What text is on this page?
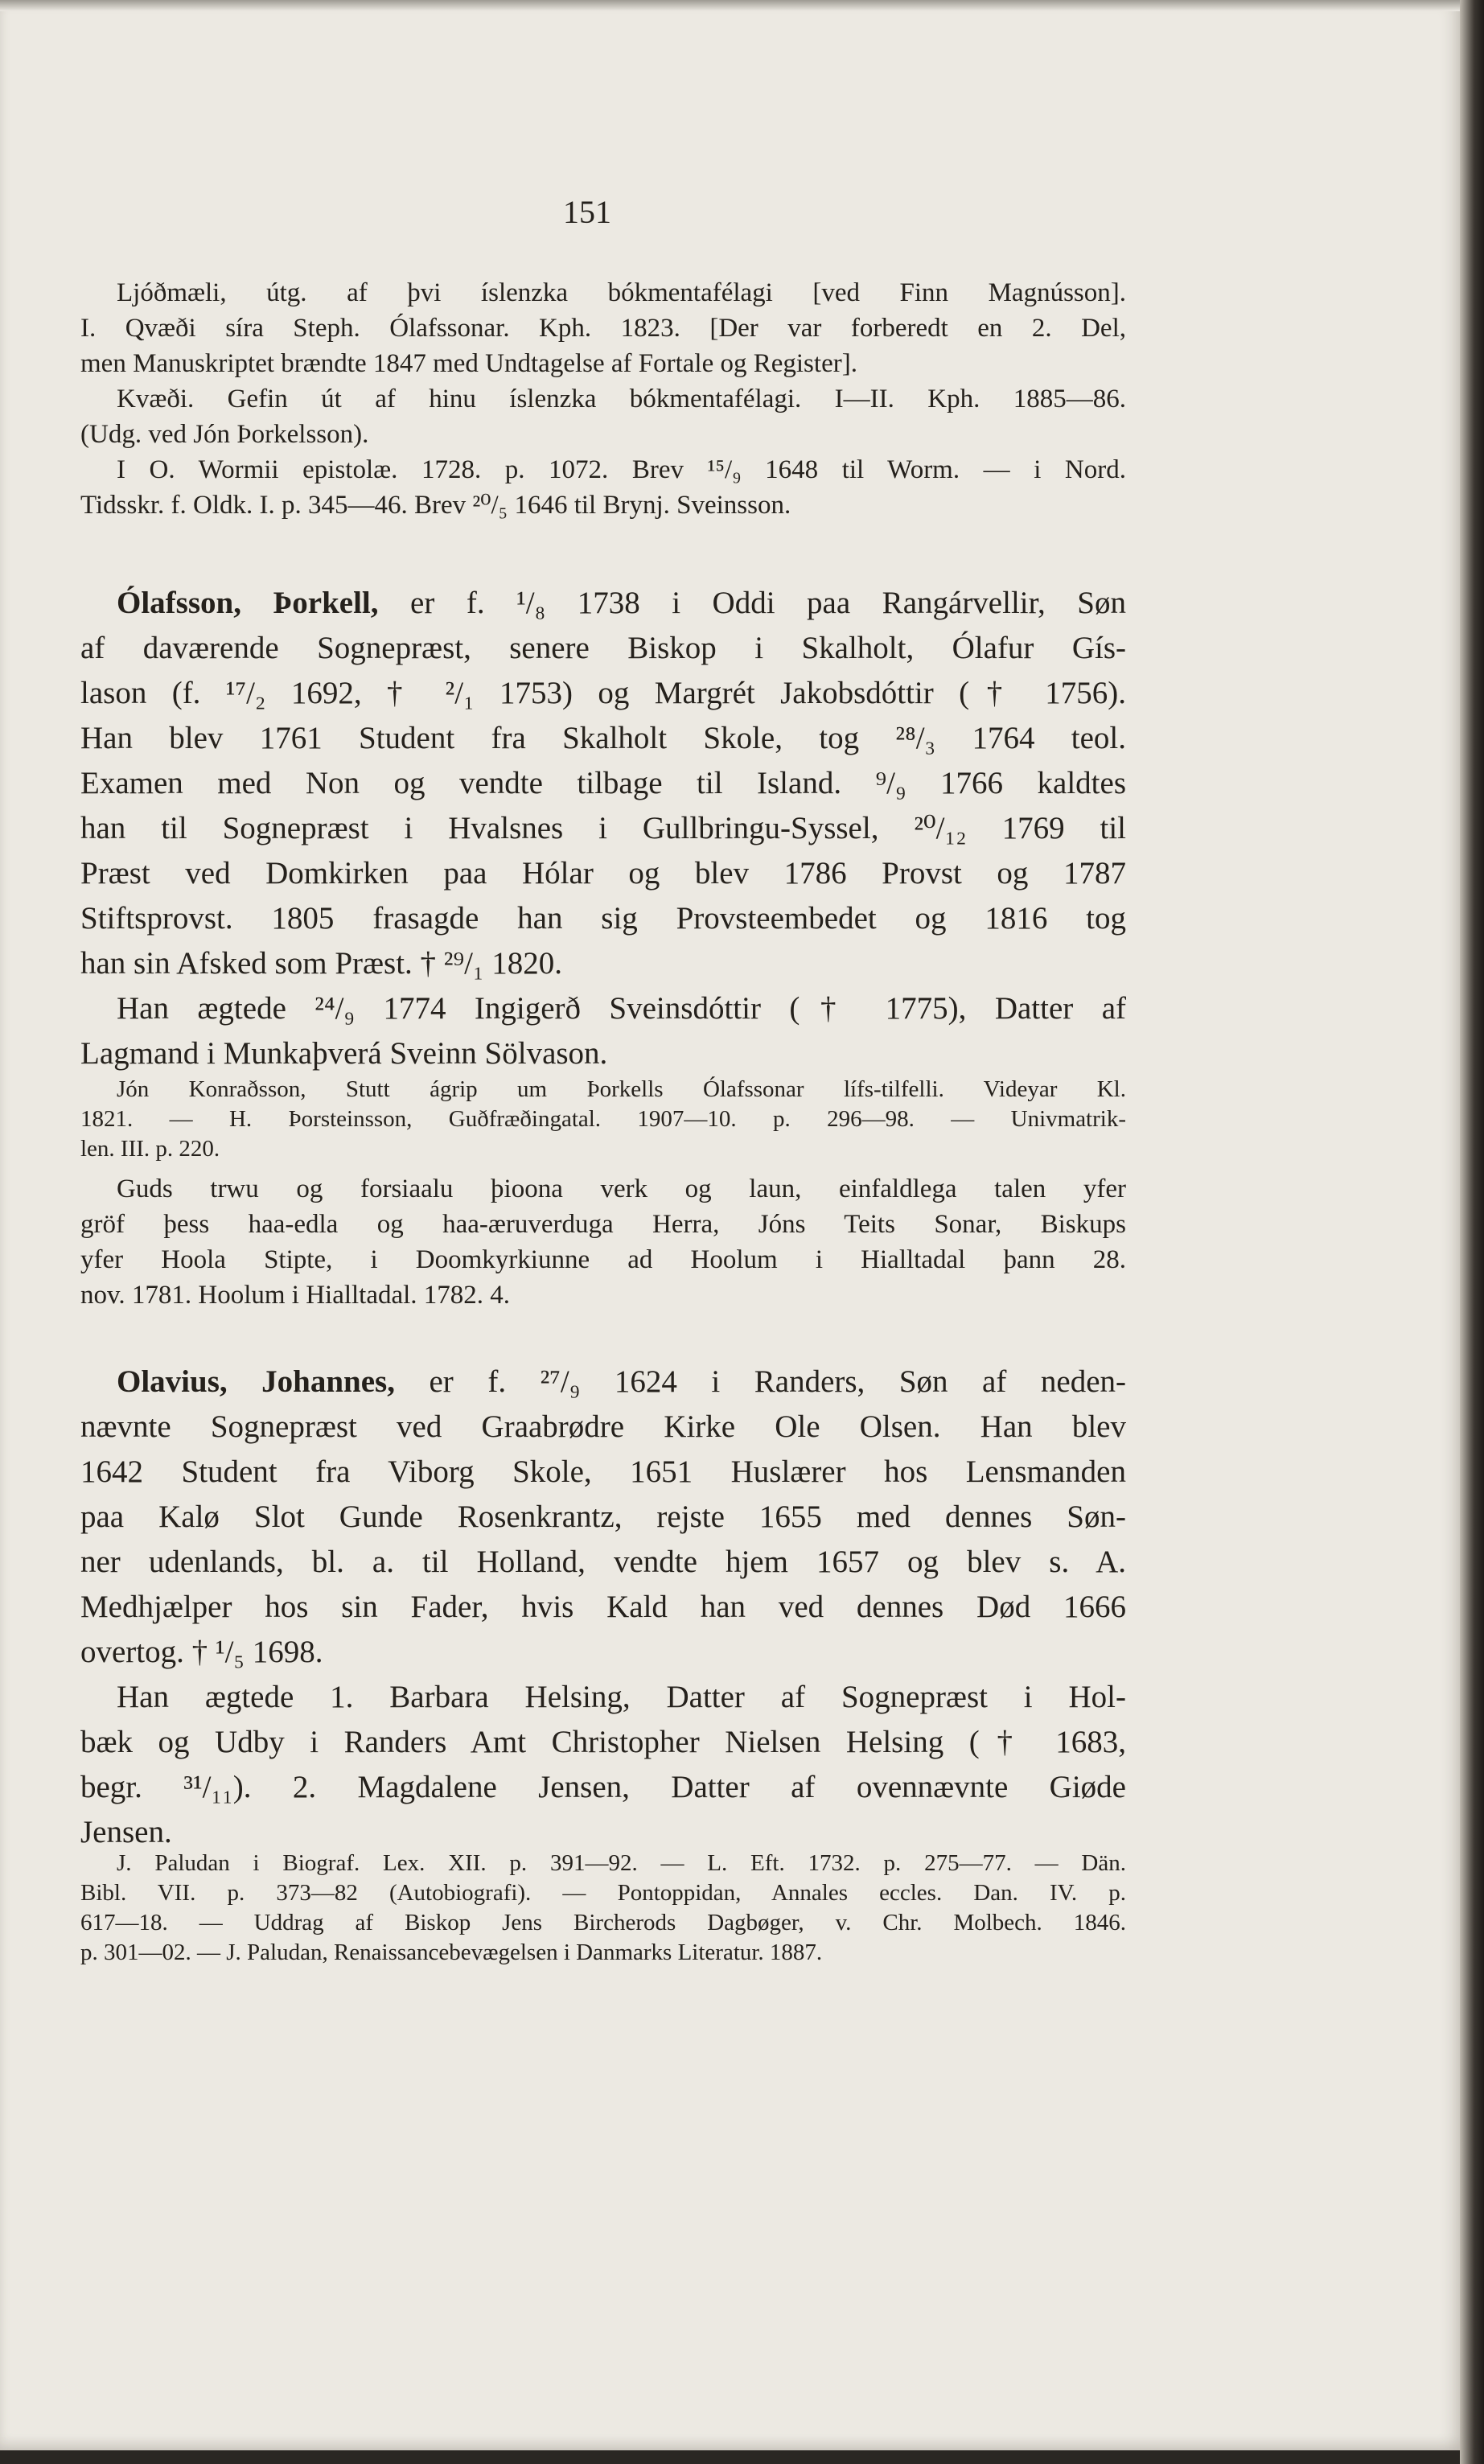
151
Ljóðmæli, útg. af þvi íslenzka bókmentafélagi [ved Finn Magnússon].
I. Qvæði síra Steph. Ólafssonar. Kph. 1823. [Der var forberedt en 2. Del,
men Manuskriptet brændte 1847 med Undtagelse af Fortale og Register].
Kvæði. Gefin út af hinu íslenzka bókmentafélagi. I—II. Kph. 1885—86.
(Udg. ved Jón Þorkelsson).
I O. Wormii epistolæ. 1728. p. 1072. Brev ¹⁵/₉ 1648 til Worm. — i Nord.
Tidsskr. f. Oldk. I. p. 345—46. Brev ²⁰/₅ 1646 til Brynj. Sveinsson.
Ólafsson, Þorkell, er f. ¹/₈ 1738 i Oddi paa Rangárvellir, Søn
af daværende Sognepræst, senere Biskop i Skalholt, Ólafur Gís-
lason (f. ¹⁷/₂ 1692, † ²/₁ 1753) og Margrét Jakobsdóttir († 1756).
Han blev 1761 Student fra Skalholt Skole, tog ²⁸/₃ 1764 teol.
Examen med Non og vendte tilbage til Island. ⁹/₉ 1766 kaldtes
han til Sognepræst i Hvalsnes i Gullbringu-Syssel, ²⁰/₁₂ 1769 til
Præst ved Domkirken paa Hólar og blev 1786 Provst og 1787
Stiftsprovst. 1805 frasagde han sig Provsteembedet og 1816 tog
han sin Afsked som Præst. † ²⁹/₁ 1820.
Han ægtede ²⁴/₉ 1774 Ingigerð Sveinsdóttir († 1775), Datter af
Lagmand i Munkaþverá Sveinn Sölvason.
Jón Konraðsson, Stutt ágrip um Þorkells Ólafssonar lífs-tilfelli. Videyar Kl.
1821. — H. Þorsteinsson, Guðfræðingatal. 1907—10. p. 296—98. — Univmatrik-
len. III. p. 220.
Guds trwu og forsiaalu þioona verk og laun, einfaldlega talen yfer
gröf þess haa-edla og haa-æruverduga Herra, Jóns Teits Sonar, Biskups
yfer Hoola Stipte, i Doomkyrkiunne ad Hoolum i Hialltadal þann 28.
nov. 1781. Hoolum i Hialltadal. 1782. 4.
Olavius, Johannes, er f. ²⁷/₉ 1624 i Randers, Søn af neden-
nævnte Sognepræst ved Graabrødre Kirke Ole Olsen. Han blev
1642 Student fra Viborg Skole, 1651 Huslærer hos Lensmanden
paa Kalø Slot Gunde Rosenkrantz, rejste 1655 med dennes Søn-
ner udenlands, bl. a. til Holland, vendte hjem 1657 og blev s. A.
Medhjælper hos sin Fader, hvis Kald han ved dennes Død 1666
overtog. † ¹/₅ 1698.
Han ægtede 1. Barbara Helsing, Datter af Sognepræst i Hol-
bæk og Udby i Randers Amt Christopher Nielsen Helsing († 1683,
begr. ³¹/₁₁). 2. Magdalene Jensen, Datter af ovennævnte Giøde
Jensen.
J. Paludan i Biograf. Lex. XII. p. 391—92. — L. Eft. 1732. p. 275—77. — Dän.
Bibl. VII. p. 373—82 (Autobiografi). — Pontoppidan, Annales eccles. Dan. IV. p.
617—18. — Uddrag af Biskop Jens Bircherods Dagbøger, v. Chr. Molbech. 1846.
p. 301—02. — J. Paludan, Renaissancebevægelsen i Danmarks Literatur. 1887.
